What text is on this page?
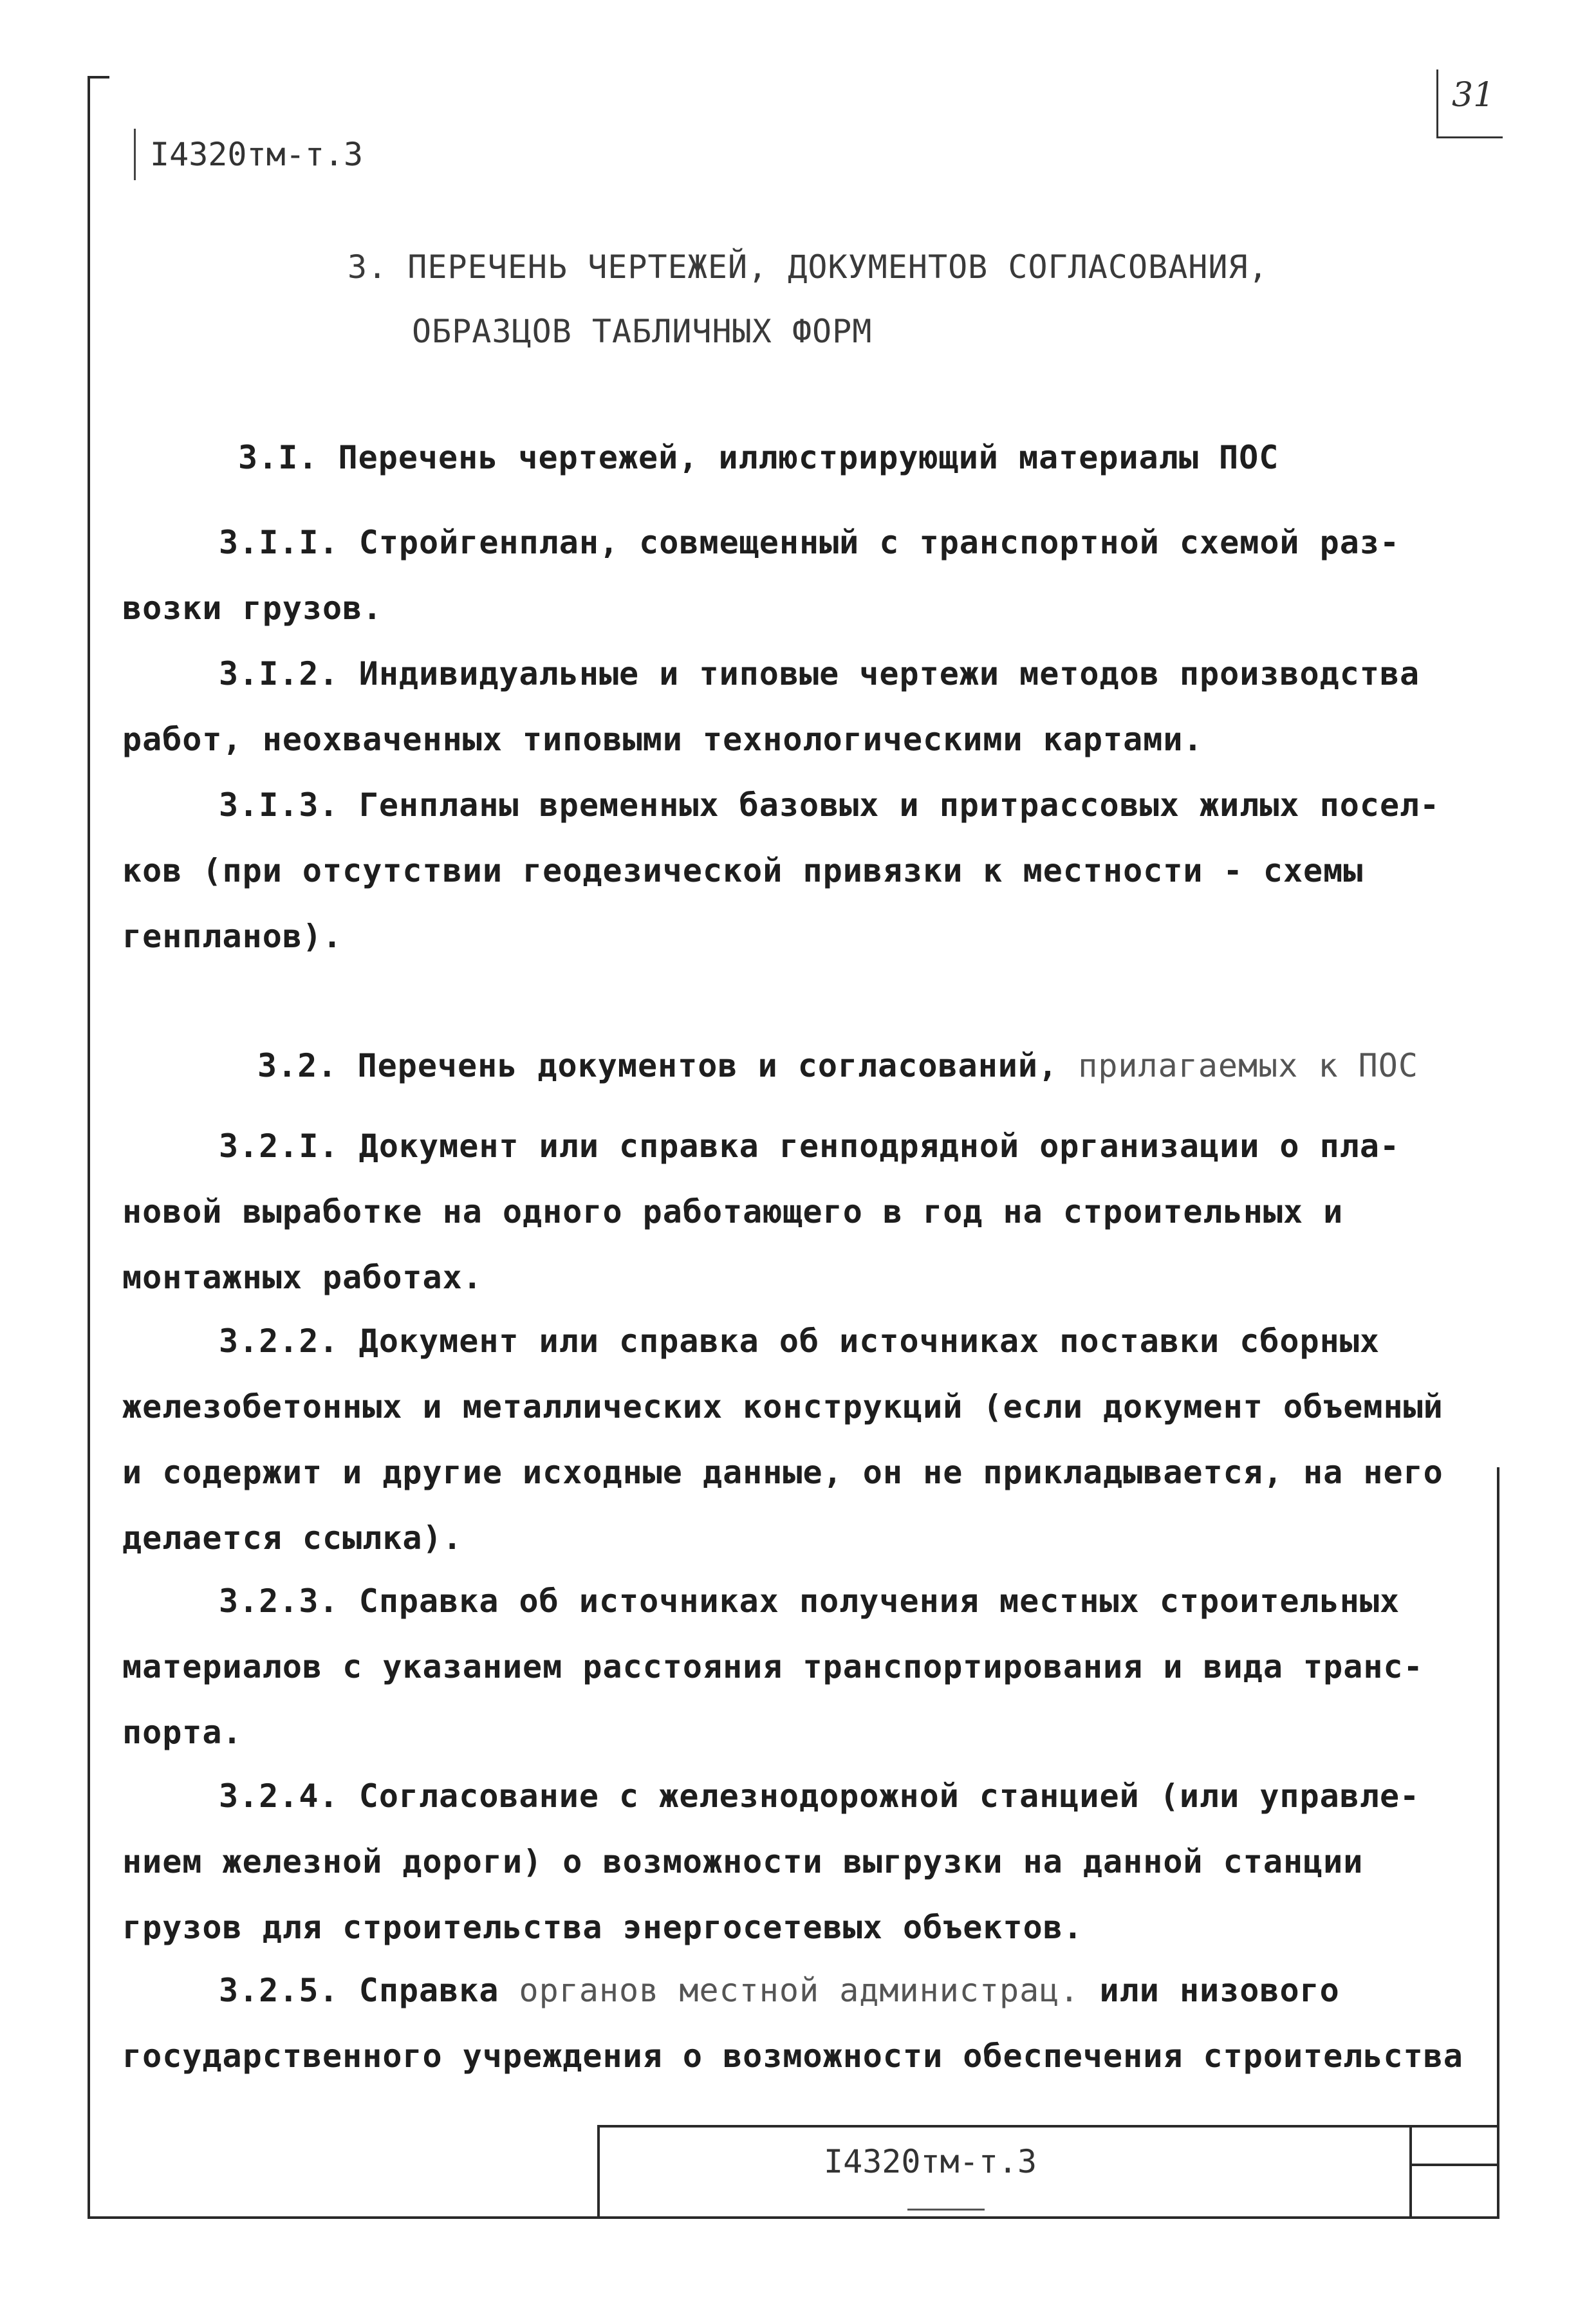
I4320тм-т.3
31
3. ПЕРЕЧЕНЬ ЧЕРТЕЖЕЙ, ДОКУМЕНТОВ СОГЛАСОВАНИЯ,
ОБРАЗЦОВ ТАБЛИЧНЫХ ФОРМ
3.I. Перечень чертежей, иллюстрирующий материалы ПОС
3.I.I. Стройгенплан, совмещенный с транспортной схемой раз-
возки грузов.
3.I.2. Индивидуальные и типовые чертежи методов производства
работ, неохваченных типовыми технологическими картами.
3.I.3. Генпланы временных базовых и притрассовых жилых посел-
ков (при отсутствии геодезической привязки к местности - схемы
генпланов).
3.2. Перечень документов и согласований, прилагаемых к ПОС
3.2.I. Документ или справка генподрядной организации о пла-
новой выработке на одного работающего в год на строительных и
монтажных работах.
3.2.2. Документ или справка об источниках поставки сборных
железобетонных и металлических конструкций (если документ объемный
и содержит и другие исходные данные, он не прикладывается, на него
делается ссылка).
3.2.3. Справка об источниках получения местных строительных
материалов с указанием расстояния транспортирования и вида транс-
порта.
3.2.4. Согласование с железнодорожной станцией (или управле-
нием железной дороги) о возможности выгрузки на данной станции
грузов для строительства энергосетевых объектов.
3.2.5. Справка органов местной администрац. или низового
государственного учреждения о возможности обеспечения строительства
I4320тм-т.3
